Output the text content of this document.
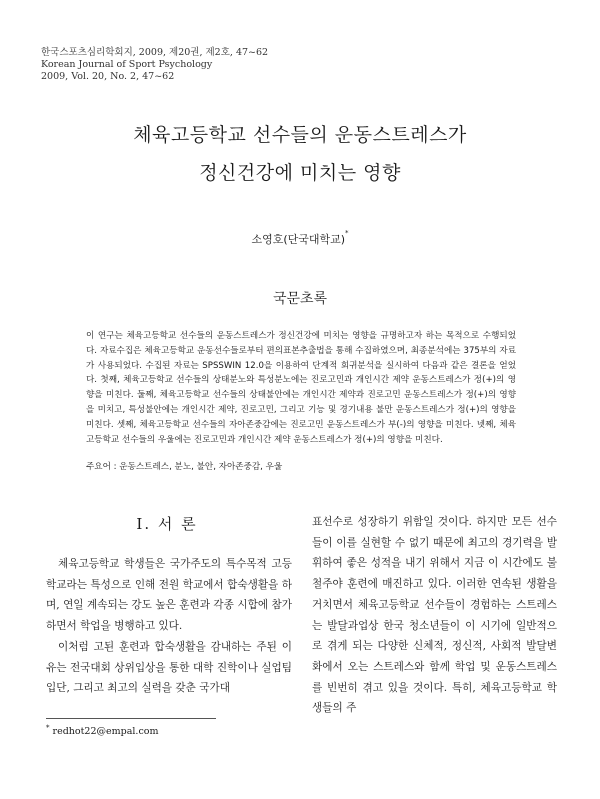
한국스포츠심리학회지, 2009, 제20권, 제2호, 47~62
Korean Journal of Sport Psychology
2009, Vol. 20, No. 2, 47~62
체육고등학교 선수들의 운동스트레스가
정신건강에 미치는 영향
소영호(단국대학교)*
국문초록
이 연구는 체육고등학교 선수들의 운동스트레스가 정신건강에 미치는 영향을 규명하고자 하는 목적으로 수행되었다. 자료수집은 체육고등학교 운동선수들로부터 편의표본추출법을 통해 수집하였으며, 최종분석에는 375부의 자료가 사용되었다. 수집된 자료는 SPSSWIN 12.0을 이용하여 단계적 회귀분석을 실시하여 다음과 같은 결론을 얻었다. 첫째, 체육고등학교 선수들의 상태분노와 특성분노에는 진로고민과 개인시간 제약 운동스트레스가 정(+)의 영향을 미친다. 둘째, 체육고등학교 선수들의 상태불안에는 개인시간 제약과 진로고민 운동스트레스가 정(+)의 영향을 미치고, 특성불안에는 개인시간 제약, 진로고민, 그리고 기능 및 경기내용 불만 운동스트레스가 정(+)의 영향을 미친다. 셋째, 체육고등학교 선수들의 자아존중감에는 진로고민 운동스트레스가 부(-)의 영향을 미친다. 넷째, 체육고등학교 선수들의 우울에는 진로고민과 개인시간 제약 운동스트레스가 정(+)의 영향을 미친다.
주요어 : 운동스트레스, 분노, 불안, 자아존중감, 우울
Ⅰ. 서 론

체육고등학교 학생들은 국가주도의 특수목적 고등학교라는 특성으로 인해 전원 학교에서 합숙생활을 하며, 연일 계속되는 강도 높은 훈련과 각종 시합에 참가하면서 학업을 병행하고 있다.

이처럼 고된 훈련과 합숙생활을 감내하는 주된 이유는 전국대회 상위입상을 통한 대학 진학이나 실업팀 입단, 그리고 최고의 실력을 갖춘 국가대

표선수로 성장하기 위함일 것이다. 하지만 모든 선수들이 이를 실현할 수 없기 때문에 최고의 경기력을 발휘하여 좋은 성적을 내기 위해서 지금 이 시간에도 불철주야 훈련에 매진하고 있다. 이러한 연속된 생활을 거치면서 체육고등학교 선수들이 경험하는 스트레스는 발달과업상 한국 청소년들이 이 시기에 일반적으로 겪게 되는 다양한 신체적, 정신적, 사회적 발달변화에서 오는 스트레스와 함께 학업 및 운동스트레스를 빈번히 겪고 있을 것이다. 특히, 체육고등학교 학생들의 주

* redhot22@empal.com
